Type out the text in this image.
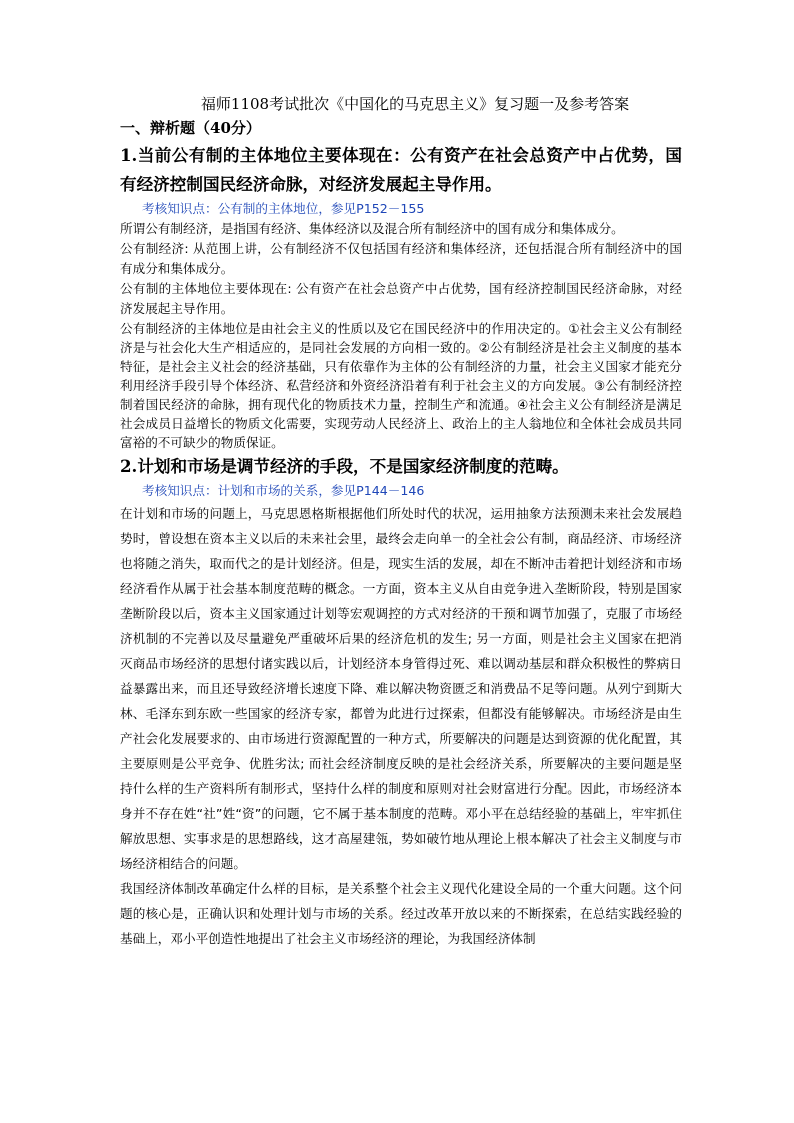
福师1108考试批次《中国化的马克思主义》复习题一及参考答案

一、辩析题（40分）

1.当前公有制的主体地位主要体现在：公有资产在社会总资产中占优势，国有经济控制国民经济命脉，对经济发展起主导作用。

考核知识点：公有制的主体地位，参见P152－155

所谓公有制经济，是指国有经济、集体经济以及混合所有制经济中的国有成分和集体成分。

公有制经济: 从范围上讲，公有制经济不仅包括国有经济和集体经济，还包括混合所有制经济中的国有成分和集体成分。

公有制的主体地位主要体现在: 公有资产在社会总资产中占优势，国有经济控制国民经济命脉，对经济发展起主导作用。

公有制经济的主体地位是由社会主义的性质以及它在国民经济中的作用决定的。①社会主义公有制经济是与社会化大生产相适应的，是同社会发展的方向相一致的。②公有制经济是社会主义制度的基本特征，是社会主义社会的经济基础，只有依靠作为主体的公有制经济的力量，社会主义国家才能充分利用经济手段引导个体经济、私营经济和外资经济沿着有利于社会主义的方向发展。③公有制经济控制着国民经济的命脉，拥有现代化的物质技术力量，控制生产和流通。④社会主义公有制经济是满足社会成员日益增长的物质文化需要，实现劳动人民经济上、政治上的主人翁地位和全体社会成员共同富裕的不可缺少的物质保证。

2.计划和市场是调节经济的手段，不是国家经济制度的范畴。

考核知识点：计划和市场的关系，参见P144－146

在计划和市场的问题上，马克思恩格斯根据他们所处时代的状况，运用抽象方法预测未来社会发展趋势时，曾设想在资本主义以后的未来社会里，最终会走向单一的全社会公有制，商品经济、市场经济也将随之消失，取而代之的是计划经济。但是，现实生活的发展，却在不断冲击着把计划经济和市场经济看作从属于社会基本制度范畴的概念。一方面，资本主义从自由竞争进入垄断阶段，特别是国家垄断阶段以后，资本主义国家通过计划等宏观调控的方式对经济的干预和调节加强了，克服了市场经济机制的不完善以及尽量避免严重破坏后果的经济危机的发生; 另一方面，则是社会主义国家在把消灭商品市场经济的思想付诸实践以后，计划经济本身管得过死、难以调动基层和群众积极性的弊病日益暴露出来，而且还导致经济增长速度下降、难以解决物资匮乏和消费品不足等问题。从列宁到斯大林、毛泽东到东欧一些国家的经济专家，都曾为此进行过探索，但都没有能够解决。市场经济是由生产社会化发展要求的、由市场进行资源配置的一种方式，所要解决的问题是达到资源的优化配置，其主要原则是公平竞争、优胜劣汰; 而社会经济制度反映的是社会经济关系，所要解决的主要问题是坚持什么样的生产资料所有制形式，坚持什么样的制度和原则对社会财富进行分配。因此，市场经济本身并不存在姓“社”姓“资”的问题，它不属于基本制度的范畴。邓小平在总结经验的基础上，牢牢抓住解放思想、实事求是的思想路线，这才高屋建瓴，势如破竹地从理论上根本解决了社会主义制度与市场经济相结合的问题。

我国经济体制改革确定什么样的目标，是关系整个社会主义现代化建设全局的一个重大问题。这个问题的核心是，正确认识和处理计划与市场的关系。经过改革开放以来的不断探索，在总结实践经验的基础上，邓小平创造性地提出了社会主义市场经济的理论，为我国经济体制
